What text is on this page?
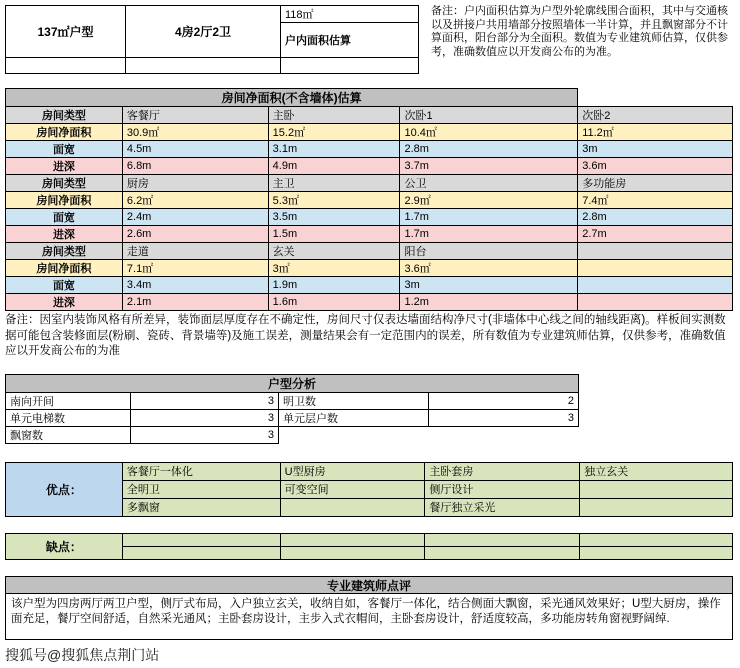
137㎡户型	4房2厅2卫	118㎡
		户内面积估算

备注：户内面积估算为户型外轮廓线围合面积，其中与交通核以及拼接户共用墙部分按照墙体一半计算，并且飘窗部分不计算面积，阳台部分为全面积。数值为专业建筑师估算，仅供参考，准确数值应以开发商公布的为准。
房间净面积(不含墙体)估算				
房间类型	客餐厅	主卧	次卧1	次卧2
房间净面积	30.9㎡	15.2㎡	10.4㎡	11.2㎡
面宽	4.5m	3.1m	2.8m	3m
进深	6.8m	4.9m	3.7m	3.6m
房间类型	厨房	主卫	公卫	多功能房
房间净面积	6.2㎡	5.3㎡	2.9㎡	7.4㎡
面宽	2.4m	3.5m	1.7m	2.8m
进深	2.6m	1.5m	1.7m	2.7m
房间类型	走道	玄关	阳台	
房间净面积	7.1㎡	3㎡	3.6㎡	
面宽	3.4m	1.9m	3m	
进深	2.1m	1.6m	1.2m	
备注：因室内装饰风格有所差异，装饰面层厚度存在不确定性，房间尺寸仅表达墙面结构净尺寸(非墙体中心线之间的轴线距离)。样板间实测数据可能包含装修面层(粉刷、瓷砖、背景墙等)及施工误差，测量结果会有一定范围内的误差，所有数值为专业建筑师估算，仅供参考，准确数值应以开发商公布的为准
户型分析			
南向开间	3	明卫数	2
单元电梯数	3	单元层户数	3
飘窗数	3		
优点：	客餐厅一体化	U型厨房	主卧套房	独立玄关
	全明卫	可变空间	侧厅设计	
	多飘窗		餐厅独立采光	
缺点：				

专业建筑师点评
该户型为四房两厅两卫户型，侧厅式布局，入户独立玄关，收纳自如，客餐厅一体化，结合侧面大飘窗，采光通风效果好；U型大厨房，操作面充足，餐厅空间舒适，自然采光通风；主卧套房设计，主步入式衣帽间，主卧套房设计，舒适度较高，多功能房转角窗视野阔绰.
搜狐号@搜狐焦点荆门站
